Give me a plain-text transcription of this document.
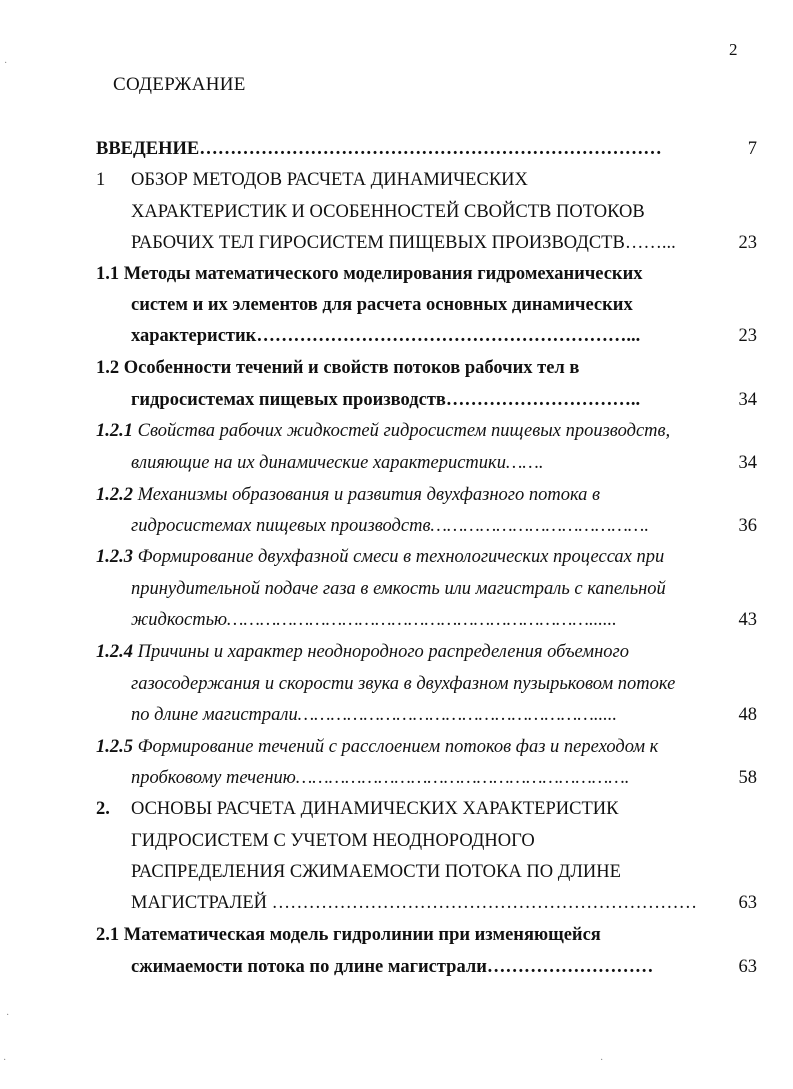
2
СОДЕРЖАНИЕ
ВВЕДЕНИЕ…………………………………………………………………	7
1 ОБЗОР МЕТОДОВ РАСЧЕТА ДИНАМИЧЕСКИХ
ХАРАКТЕРИСТИК И ОСОБЕННОСТЕЙ СВОЙСТВ ПОТОКОВ
РАБОЧИХ ТЕЛ ГИРОСИСТЕМ ПИЩЕВЫХ ПРОИЗВОДСТВ……...	23
1.1 Методы математического моделирования гидромеханических
систем и их элементов для расчета основных динамических
характеристик……………………………………………………...	23
1.2 Особенности течений и свойств потоков рабочих тел в
гидросистемах пищевых производств…………………………..	34
1.2.1 Свойства рабочих жидкостей гидросистем пищевых производств,
влияющие на их динамические характеристики…….	34
1.2.2 Механизмы образования и развития двухфазного потока в
гидросистемах пищевых производств………………………………….	36
1.2.3 Формирование двухфазной смеси в технологических процессах при
принудительной подаче газа в емкость или магистраль с капельной
жидкостью…………………………………………………………......	43
1.2.4 Причины и характер неоднородного распределения объемного
газосодержания и скорости звука в двухфазном пузырьковом потоке
по длине магистрали……………………………………………….....	48
1.2.5 Формирование течений с расслоением потоков фаз и переходом к
пробковому течению…………………………………………………….	58
2. ОСНОВЫ РАСЧЕТА ДИНАМИЧЕСКИХ ХАРАКТЕРИСТИК
ГИДРОСИСТЕМ С УЧЕТОМ НЕОДНОРОДНОГО
РАСПРЕДЕЛЕНИЯ СЖИМАЕМОСТИ ПОТОКА ПО ДЛИНЕ
МАГИСТРАЛЕЙ …………………………………………………………… 63
2.1 Математическая модель гидролинии при изменяющейся
сжимаемости потока по длине магистрали………………………	63
·
·
·	·
